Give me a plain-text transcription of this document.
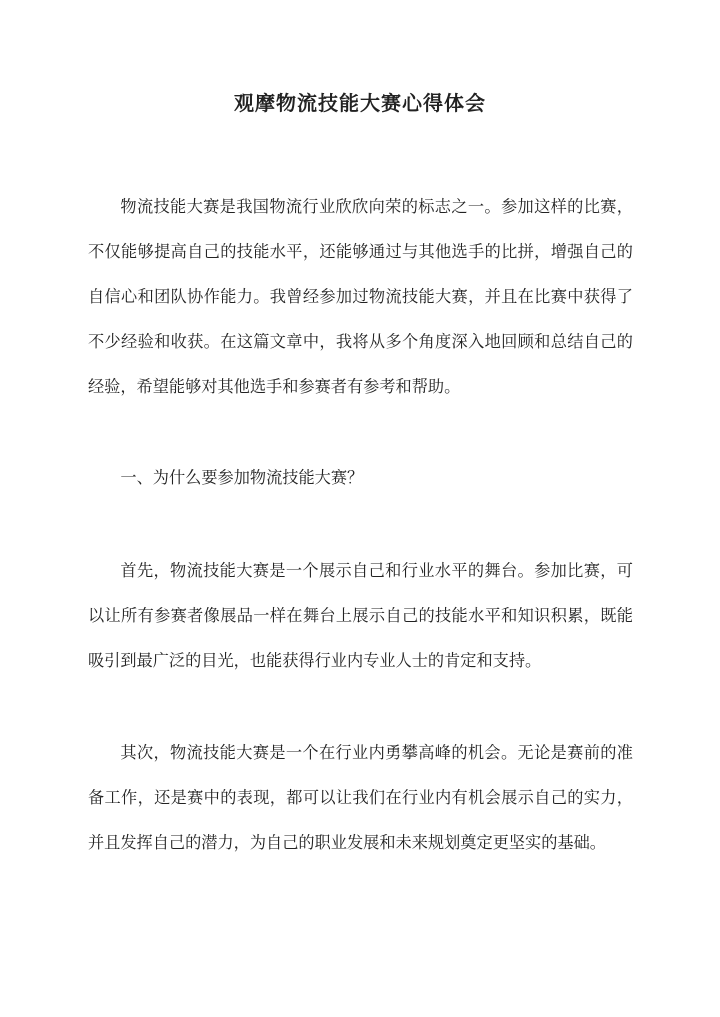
观摩物流技能大赛心得体会

物流技能大赛是我国物流行业欣欣向荣的标志之一。参加这样的比赛，不仅能够提高自己的技能水平，还能够通过与其他选手的比拼，增强自己的自信心和团队协作能力。我曾经参加过物流技能大赛，并且在比赛中获得了不少经验和收获。在这篇文章中，我将从多个角度深入地回顾和总结自己的经验，希望能够对其他选手和参赛者有参考和帮助。

一、为什么要参加物流技能大赛？

首先，物流技能大赛是一个展示自己和行业水平的舞台。参加比赛，可以让所有参赛者像展品一样在舞台上展示自己的技能水平和知识积累，既能吸引到最广泛的目光，也能获得行业内专业人士的肯定和支持。

其次，物流技能大赛是一个在行业内勇攀高峰的机会。无论是赛前的准备工作，还是赛中的表现，都可以让我们在行业内有机会展示自己的实力，并且发挥自己的潜力，为自己的职业发展和未来规划奠定更坚实的基础。
